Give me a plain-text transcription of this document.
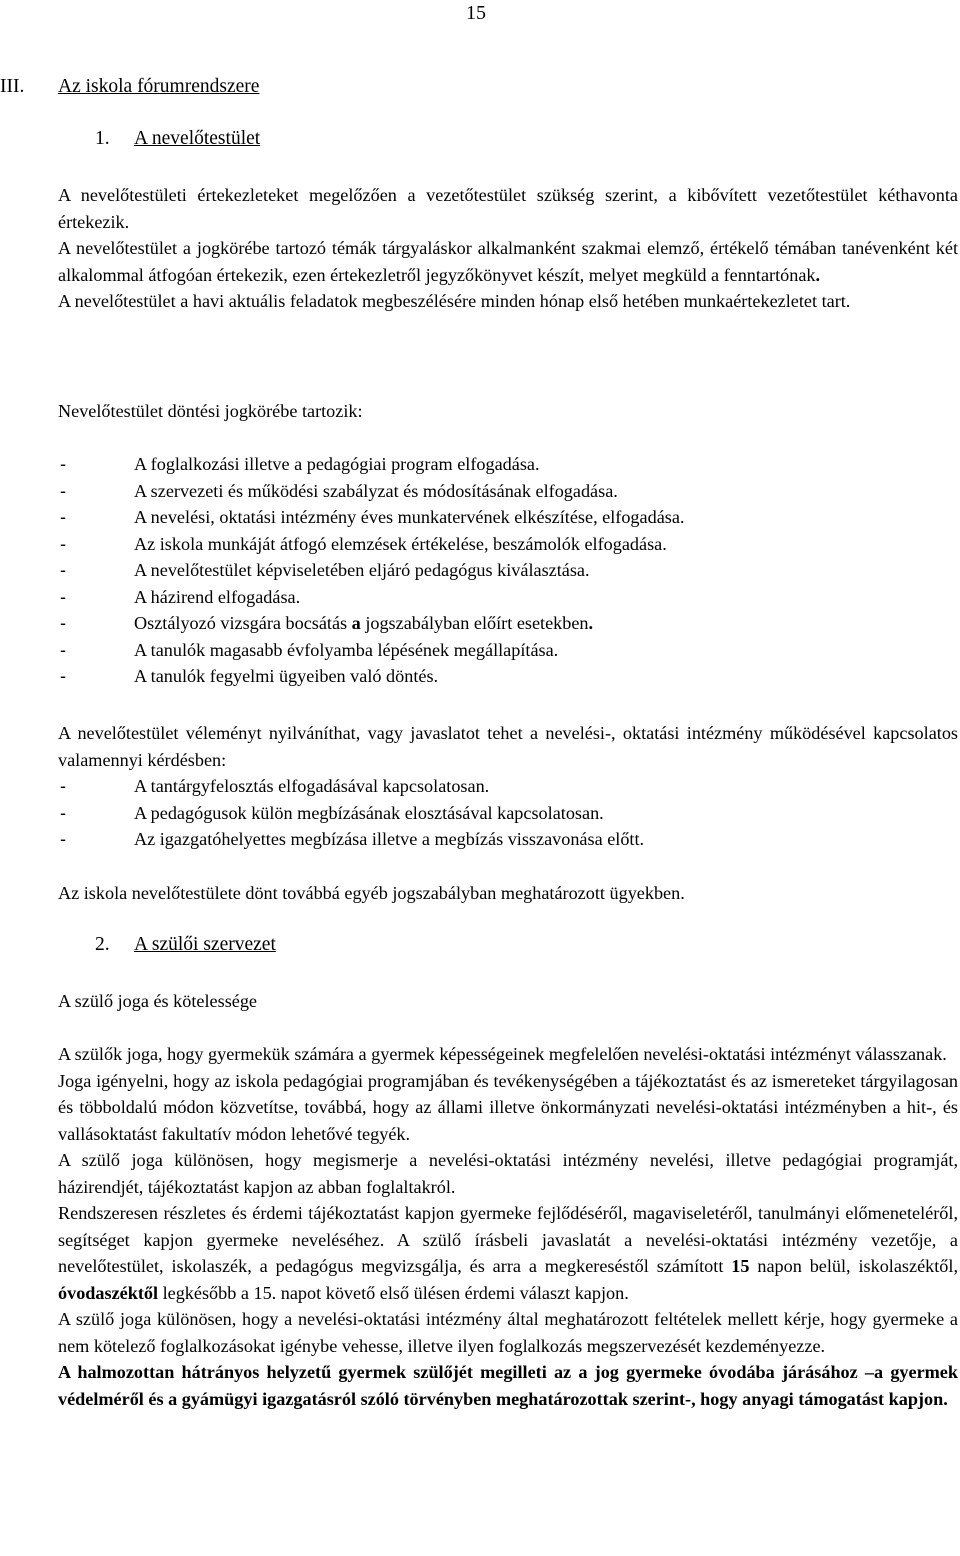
15
III. Az iskola fórumrendszere
1. A nevelőtestület

A nevelőtestületi értekezleteket megelőzően a vezetőtestület szükség szerint, a kibővített vezetőtestület kéthavonta értekezik.

A nevelőtestület a jogkörébe tartozó témák tárgyaláskor alkalmanként szakmai elemző, értékelő témában tanévenként két alkalommal átfogóan értekezik, ezen értekezletről jegyzőkönyvet készít, melyet megküld a fenntartónak.

A nevelőtestület a havi aktuális feladatok megbeszélésére minden hónap első hetében munkaértekezletet tart.

Nevelőtestület döntési jogkörébe tartozik:
- A foglalkozási illetve a pedagógiai program elfogadása.
- A szervezeti és működési szabályzat és módosításának elfogadása.
- A nevelési, oktatási intézmény éves munkatervének elkészítése, elfogadása.
- Az iskola munkáját átfogó elemzések értékelése, beszámolók elfogadása.
- A nevelőtestület képviseletében eljáró pedagógus kiválasztása.
- A házirend elfogadása.
- Osztályozó vizsgára bocsátás a jogszabályban előírt esetekben.
- A tanulók magasabb évfolyamba lépésének megállapítása.
- A tanulók fegyelmi ügyeiben való döntés.

A nevelőtestület véleményt nyilváníthat, vagy javaslatot tehet a nevelési-, oktatási intézmény működésével kapcsolatos valamennyi kérdésben:

- A tantárgyfelosztás elfogadásával kapcsolatosan.
- A pedagógusok külön megbízásának elosztásával kapcsolatosan.
- Az igazgatóhelyettes megbízása illetve a megbízás visszavonása előtt.
Az iskola nevelőtestülete dönt továbbá egyéb jogszabályban meghatározott ügyekben.
2. A szülői szervezet
A szülő joga és kötelessége

A szülők joga, hogy gyermekük számára a gyermek képességeinek megfelelően nevelési-oktatási intézményt válasszanak.

Joga igényelni, hogy az iskola pedagógiai programjában és tevékenységében a tájékoztatást és az ismereteket tárgyilagosan és többoldalú módon közvetítse, továbbá, hogy az állami illetve önkormányzati nevelési-oktatási intézményben a hit-, és vallásoktatást fakultatív módon lehetővé tegyék.

A szülő joga különösen, hogy megismerje a nevelési-oktatási intézmény nevelési, illetve pedagógiai programját, házirendjét, tájékoztatást kapjon az abban foglaltakról.

Rendszeresen részletes és érdemi tájékoztatást kapjon gyermeke fejlődéséről, magaviseletéről, tanulmányi előmeneteléről, segítséget kapjon gyermeke neveléséhez. A szülő írásbeli javaslatát a nevelési-oktatási intézmény vezetője, a nevelőtestület, iskolaszék, a pedagógus megvizsgálja, és arra a megkereséstől számított 15 napon belül, iskolaszéktől, óvodaszéktől legkésőbb a 15. napot követő első ülésen érdemi választ kapjon.

A szülő joga különösen, hogy a nevelési-oktatási intézmény által meghatározott feltételek mellett kérje, hogy gyermeke a nem kötelező foglalkozásokat igénybe vehesse, illetve ilyen foglalkozás megszervezését kezdeményezze.

A halmozottan hátrányos helyzetű gyermek szülőjét megilleti az a jog gyermeke óvodába járásához –a gyermek védelméről és a gyámügyi igazgatásról szóló törvényben meghatározottak szerint-, hogy anyagi támogatást kapjon.
